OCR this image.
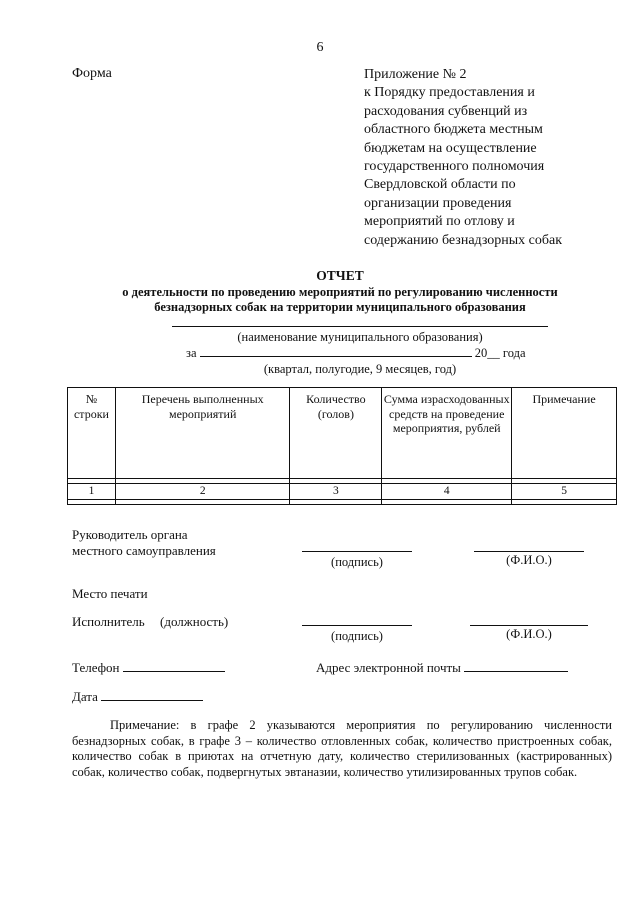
6
Форма	Приложение № 2
к Порядку предоставления и
расходования субвенций из
областного бюджета местным
бюджетам на осуществление
государственного полномочия
Свердловской области по
организации проведения
мероприятий по отлову и
содержанию безнадзорных собак
ОТЧЕТ
о деятельности по проведению мероприятий по регулированию численности
безнадзорных собак на территории муниципального образования
(наименование муниципального образования)
за	20__ года
(квартал, полугодие, 9 месяцев, год)
№ строки	Перечень выполненных мероприятий	Количество (голов)	Сумма израсходованных средств на проведение мероприятия, рублей	Примечание

1	2	3	4	5

Руководитель органа
местного самоуправления
(подпись)	(Ф.И.О.)
Место печати
Исполнитель (должность)
(подпись)	(Ф.И.О.)
Телефон	Адрес электронной почты
Дата
Примечание: в графе 2 указываются мероприятия по регулированию численности безнадзорных собак, в графе 3 – количество отловленных собак, количество пристроенных собак, количество собак в приютах на отчетную дату, количество стерилизованных (кастрированных) собак, количество собак, подвергнутых эвтаназии, количество утилизированных трупов собак.
